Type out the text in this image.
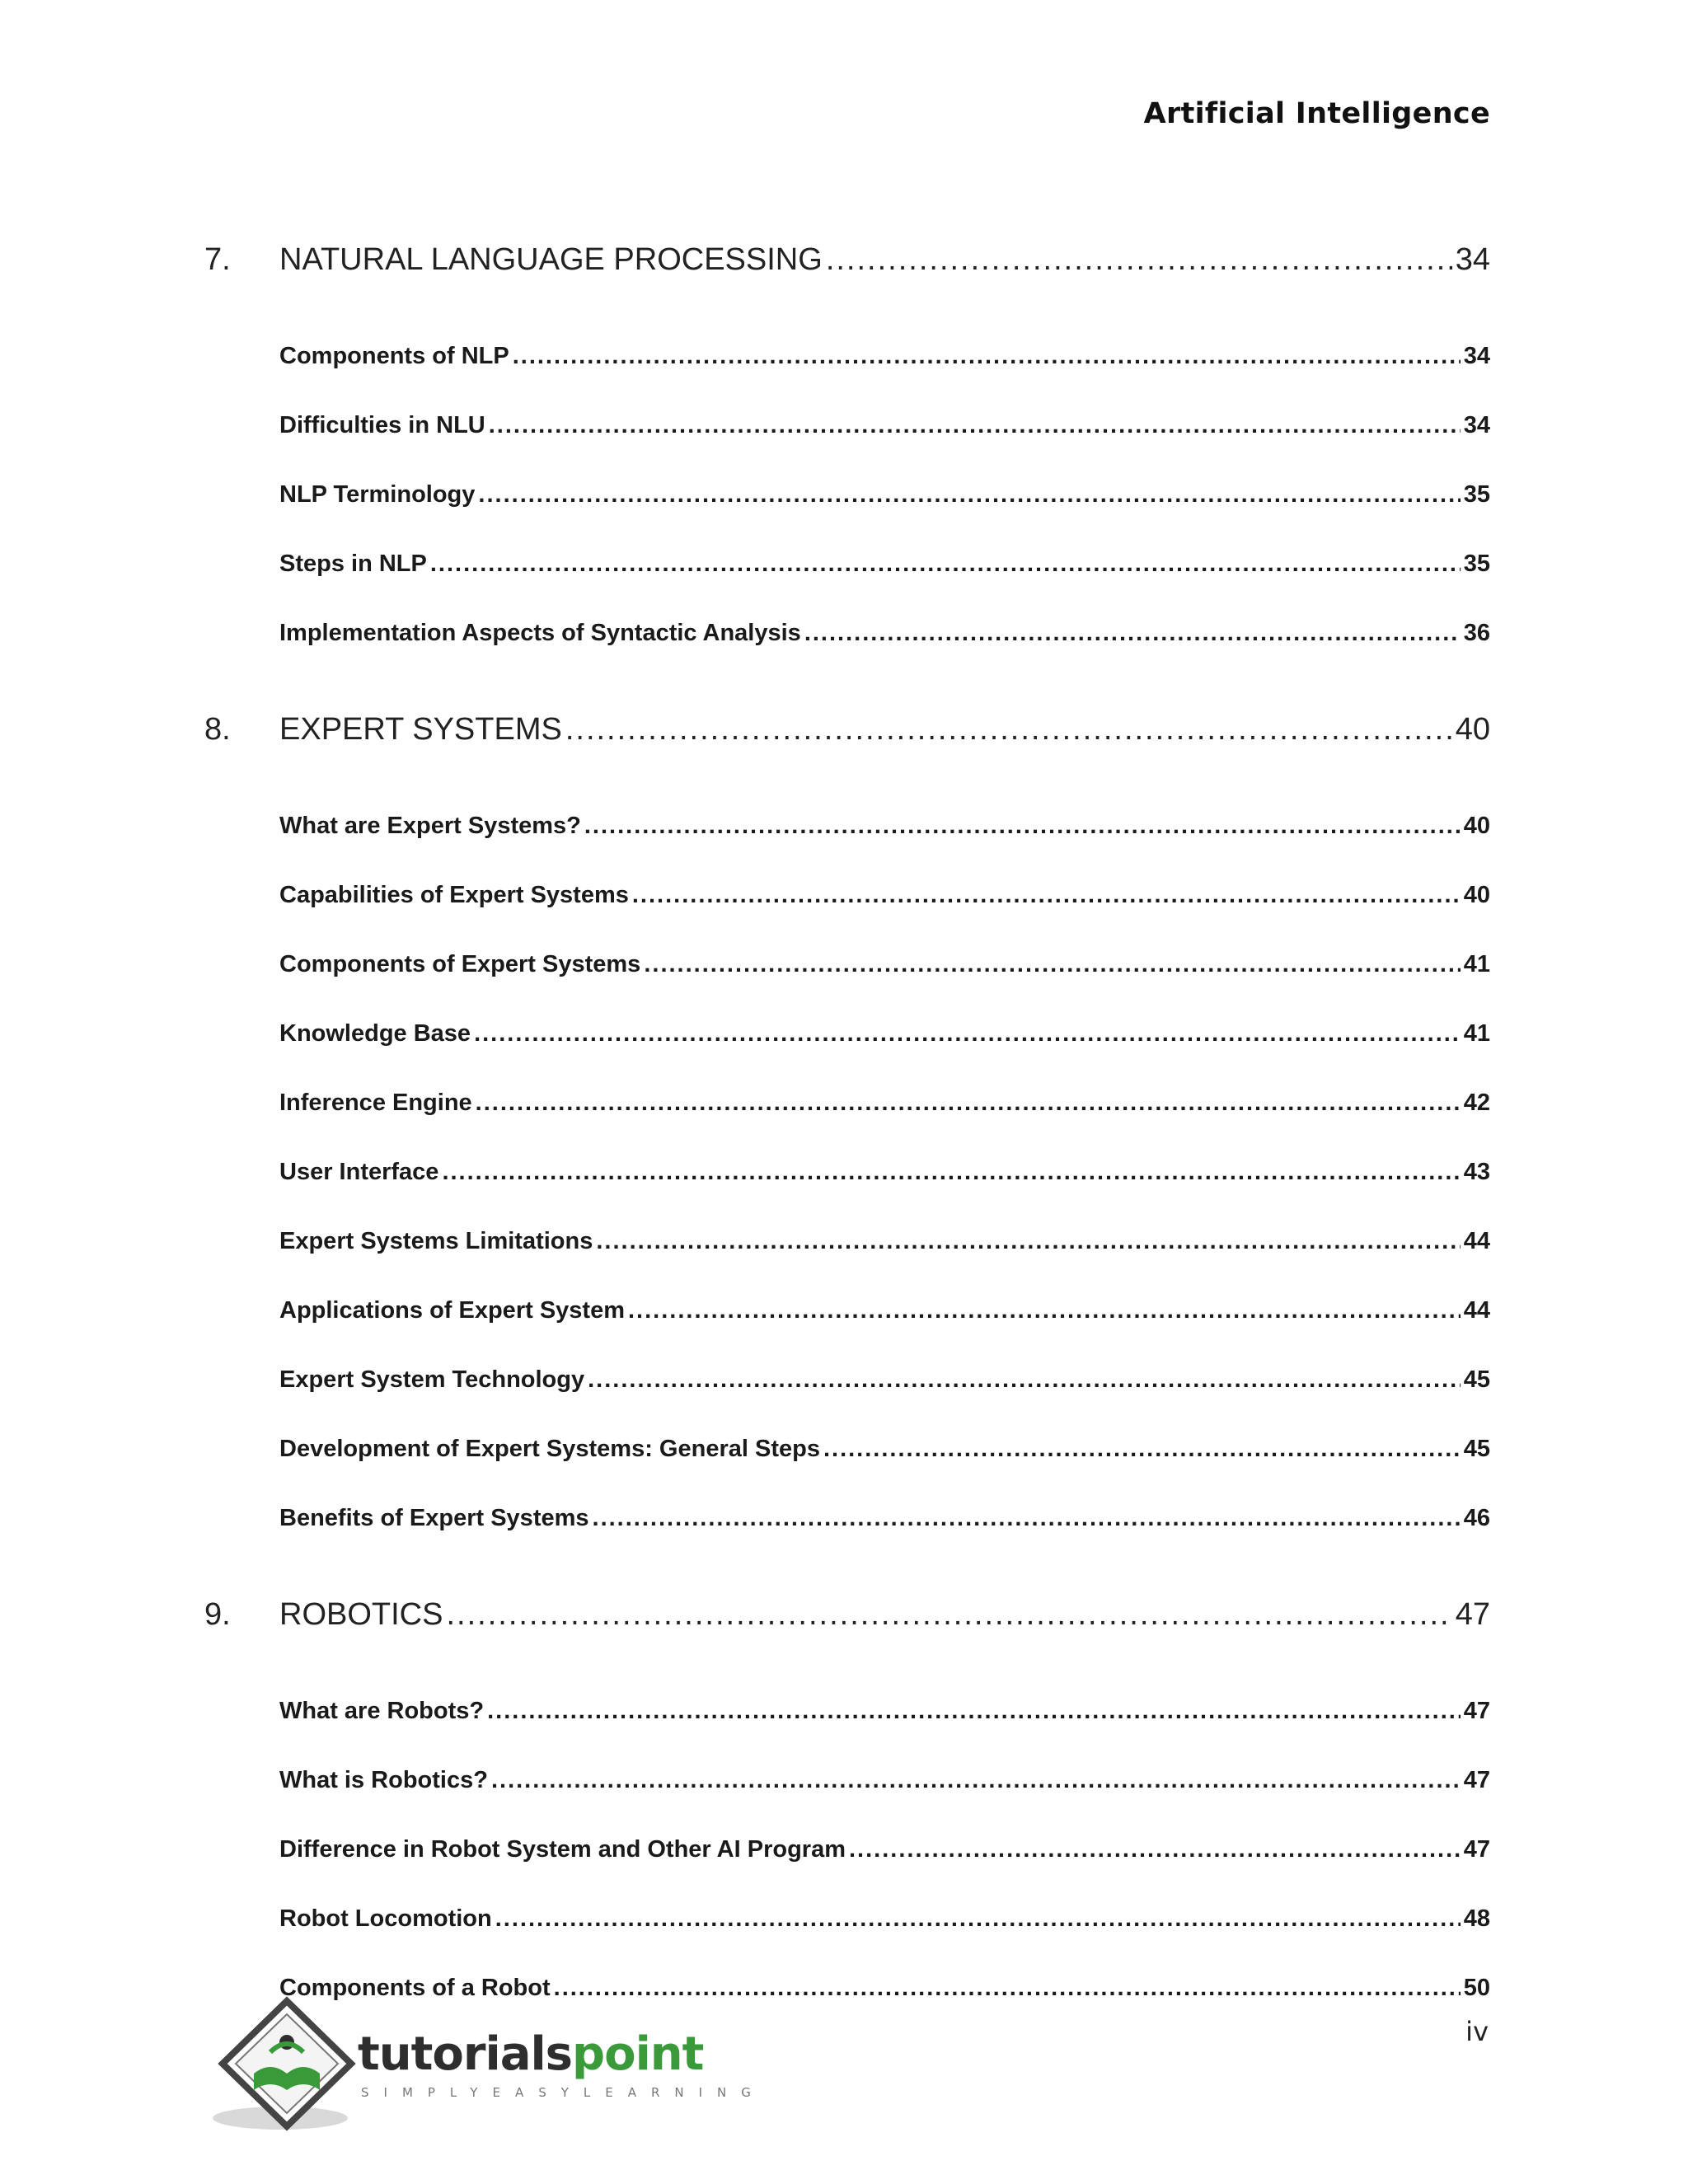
Artificial Intelligence
7. NATURAL LANGUAGE PROCESSING .....	34
Components of NLP .....	34
Difficulties in NLU .....	34
NLP Terminology .....	35
Steps in NLP .....	35
Implementation Aspects of Syntactic Analysis .....	36
8. EXPERT SYSTEMS .....	40
What are Expert Systems? .....	40
Capabilities of Expert Systems .....	40
Components of Expert Systems .....	41
Knowledge Base .....	41
Inference Engine .....	42
User Interface .....	43
Expert Systems Limitations .....	44
Applications of Expert System .....	44
Expert System Technology .....	45
Development of Expert Systems: General Steps .....	45
Benefits of Expert Systems .....	46
9. ROBOTICS .....	47
What are Robots? .....	47
What is Robotics? .....	47
Difference in Robot System and Other AI Program .....	47
Robot Locomotion .....	48
Components of a Robot .....	50
tutorialspoint
SIMPLYEASYLEARNING
iv
